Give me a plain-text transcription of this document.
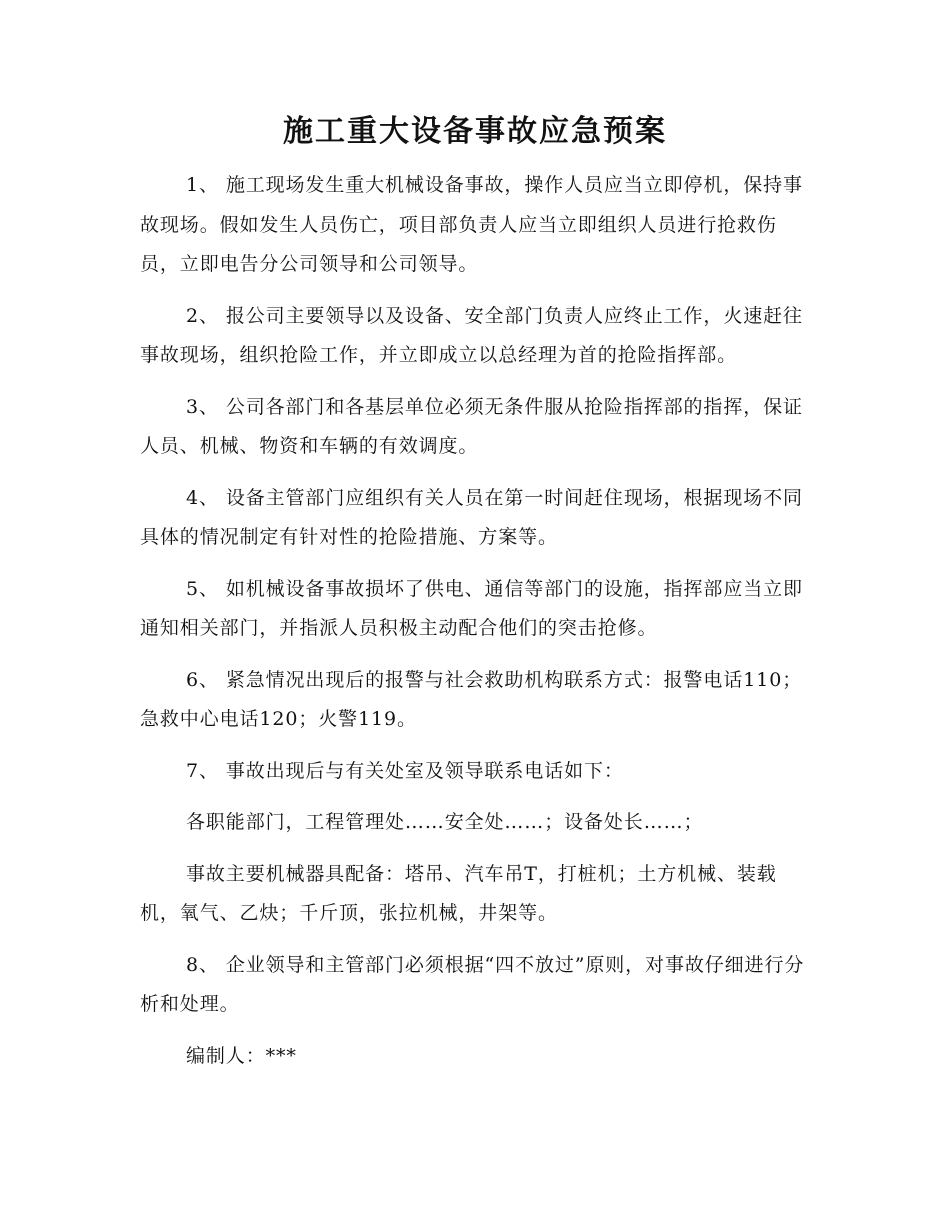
施工重大设备事故应急预案

1、 施工现场发生重大机械设备事故，操作人员应当立即停机，保持事故现场。假如发生人员伤亡，项目部负责人应当立即组织人员进行抢救伤员，立即电告分公司领导和公司领导。

2、 报公司主要领导以及设备、安全部门负责人应终止工作，火速赶往事故现场，组织抢险工作，并立即成立以总经理为首的抢险指挥部。

3、 公司各部门和各基层单位必须无条件服从抢险指挥部的指挥，保证人员、机械、物资和车辆的有效调度。

4、 设备主管部门应组织有关人员在第一时间赶住现场，根据现场不同具体的情况制定有针对性的抢险措施、方案等。

5、 如机械设备事故损坏了供电、通信等部门的设施，指挥部应当立即通知相关部门，并指派人员积极主动配合他们的突击抢修。

6、 紧急情况出现后的报警与社会救助机构联系方式：报警电话110；急救中心电话120；火警119。

7、 事故出现后与有关处室及领导联系电话如下：

各职能部门，工程管理处……安全处……；设备处长……；

事故主要机械器具配备：塔吊、汽车吊T，打桩机；土方机械、装载机，氧气、乙炔；千斤顶，张拉机械，井架等。

8、 企业领导和主管部门必须根据“四不放过”原则，对事故仔细进行分析和处理。

编制人：***
